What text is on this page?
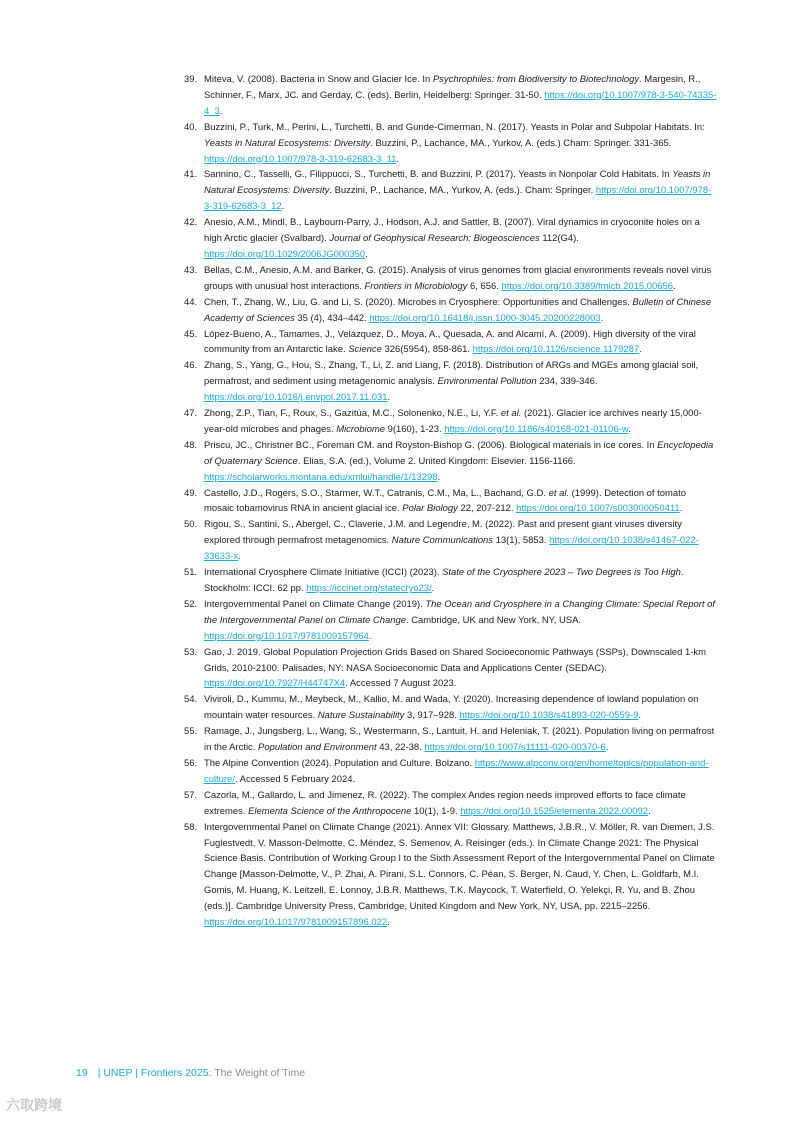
39. Miteva, V. (2008). Bacteria in Snow and Glacier Ice. In Psychrophiles: from Biodiversity to Biotechnology. Margesin, R., Schinner, F., Marx, JC. and Gerday, C. (eds). Berlin, Heidelberg: Springer. 31-50. https://doi.org/10.1007/978-3-540-74335-4_3.
40. Buzzini, P., Turk, M., Perini, L., Turchetti, B. and Gunde-Cimerman, N. (2017). Yeasts in Polar and Subpolar Habitats. In: Yeasts in Natural Ecosystems: Diversity. Buzzini, P., Lachance, MA., Yurkov, A. (eds.) Cham: Springer. 331-365. https://doi.org/10.1007/978-3-319-62683-3_11.
41. Sannino, C., Tasselli, G., Filippucci, S., Turchetti, B. and Buzzini, P. (2017). Yeasts in Nonpolar Cold Habitats. In Yeasts in Natural Ecosystems: Diversity. Buzzini, P., Lachance, MA., Yurkov, A. (eds.). Cham: Springer. https://doi.org/10.1007/978-3-319-62683-3_12.
42. Anesio, A.M., Mindl, B., Laybourn-Parry, J., Hodson, A.J. and Sattler, B. (2007). Viral dynamics in cryoconite holes on a high Arctic glacier (Svalbard). Journal of Geophysical Research: Biogeosciences 112(G4). https://doi.org/10.1029/2006JG000350.
43. Bellas, C.M., Anesio, A.M. and Barker, G. (2015). Analysis of virus genomes from glacial environments reveals novel virus groups with unusual host interactions. Frontiers in Microbiology 6, 656. https://doi.org/10.3389/fmicb.2015.00656.
44. Chen, T., Zhang, W., Liu, G. and Li, S. (2020). Microbes in Cryosphere: Opportunities and Challenges. Bulletin of Chinese Academy of Sciences 35 (4), 434–442. https://doi.org/10.16418/j.issn.1000-3045.20200228003.
45. López-Bueno, A., Tamames, J., Velázquez, D., Moya, A., Quesada, A. and Alcamí, A. (2009). High diversity of the viral community from an Antarctic lake. Science 326(5954), 858-861. https://doi.org/10.1126/science.1179287.
46. Zhang, S., Yang, G., Hou, S., Zhang, T., Li, Z. and Liang, F. (2018). Distribution of ARGs and MGEs among glacial soil, permafrost, and sediment using metagenomic analysis. Environmental Pollution 234, 339-346. https://doi.org/10.1016/j.envpol.2017.11.031.
47. Zhong, Z.P., Tian, F., Roux, S., Gazitúa, M.C., Solonenko, N.E., Li, Y.F. et al. (2021). Glacier ice archives nearly 15,000-year-old microbes and phages. Microbiome 9(160), 1-23. https://doi.org/10.1186/s40168-021-01106-w.
48. Priscu, JC., Christner BC., Foreman CM. and Royston-Bishop G. (2006). Biological materials in ice cores. In Encyclopedia of Quaternary Science. Elias, S.A. (ed.), Volume 2. United Kingdom: Elsevier. 1156-1166. https://scholarworks.montana.edu/xmlui/handle/1/13298.
49. Castello, J.D., Rogers, S.O., Starmer, W.T., Catranis, C.M., Ma, L., Bachand, G.D. et al. (1999). Detection of tomato mosaic tobamovirus RNA in ancient glacial ice. Polar Biology 22, 207-212. https://doi.org/10.1007/s003000050411.
50. Rigou, S., Santini, S., Abergel, C., Claverie, J.M. and Legendre, M. (2022). Past and present giant viruses diversity explored through permafrost metagenomics. Nature Communications 13(1), 5853. https://doi.org/10.1038/s41467-022-33633-x.
51. International Cryosphere Climate Initiative (ICCI) (2023). State of the Cryosphere 2023 – Two Degrees is Too High. Stockholm: ICCI. 62 pp. https://iccinet.org/statecryo23/.
52. Intergovernmental Panel on Climate Change (2019). The Ocean and Cryosphere in a Changing Climate: Special Report of the Intergovernmental Panel on Climate Change. Cambridge, UK and New York, NY, USA. https://doi.org/10.1017/9781009157964.
53. Gao, J. 2019. Global Population Projection Grids Based on Shared Socioeconomic Pathways (SSPs), Downscaled 1-km Grids, 2010-2100. Palisades, NY: NASA Socioeconomic Data and Applications Center (SEDAC). https://doi.org/10.7927/H44747X4. Accessed 7 August 2023.
54. Viviroli, D., Kummu, M., Meybeck, M., Kallio, M. and Wada, Y. (2020). Increasing dependence of lowland population on mountain water resources. Nature Sustainability 3, 917–928. https://doi.org/10.1038/s41893-020-0559-9.
55. Ramage, J., Jungsberg, L., Wang, S., Westermann, S., Lantuit, H. and Heleniak, T. (2021). Population living on permafrost in the Arctic. Population and Environment 43, 22-38. https://doi.org/10.1007/s11111-020-00370-6.
56. The Alpine Convention (2024). Population and Culture. Bolzano. https://www.alpconv.org/en/home/topics/population-and-culture/. Accessed 5 February 2024.
57. Cazorla, M., Gallardo, L. and Jimenez, R. (2022). The complex Andes region needs improved efforts to face climate extremes. Elementa Science of the Anthropocene 10(1), 1-9. https://doi.org/10.1525/elementa.2022.00092.
58. Intergovernmental Panel on Climate Change (2021). Annex VII: Glossary. Matthews, J.B.R., V. Möller, R. van Diemen, J.S. Fuglestvedt, V. Masson-Delmotte, C. Méndez, S. Semenov, A. Reisinger (eds.). In Climate Change 2021: The Physical Science Basis. Contribution of Working Group I to the Sixth Assessment Report of the Intergovernmental Panel on Climate Change [Masson-Delmotte, V., P. Zhai, A. Pirani, S.L. Connors, C. Péan, S. Berger, N. Caud, Y. Chen, L. Goldfarb, M.I. Gomis, M. Huang, K. Leitzell, E. Lonnoy, J.B.R. Matthews, T.K. Maycock, T. Waterfield, O. Yelekçi, R. Yu, and B. Zhou (eds.)]. Cambridge University Press, Cambridge, United Kingdom and New York, NY, USA, pp. 2215–2256. https://doi.org/10.1017/9781009157896.022.
19 | UNEP | Frontiers 2025: The Weight of Time
六取跨境
